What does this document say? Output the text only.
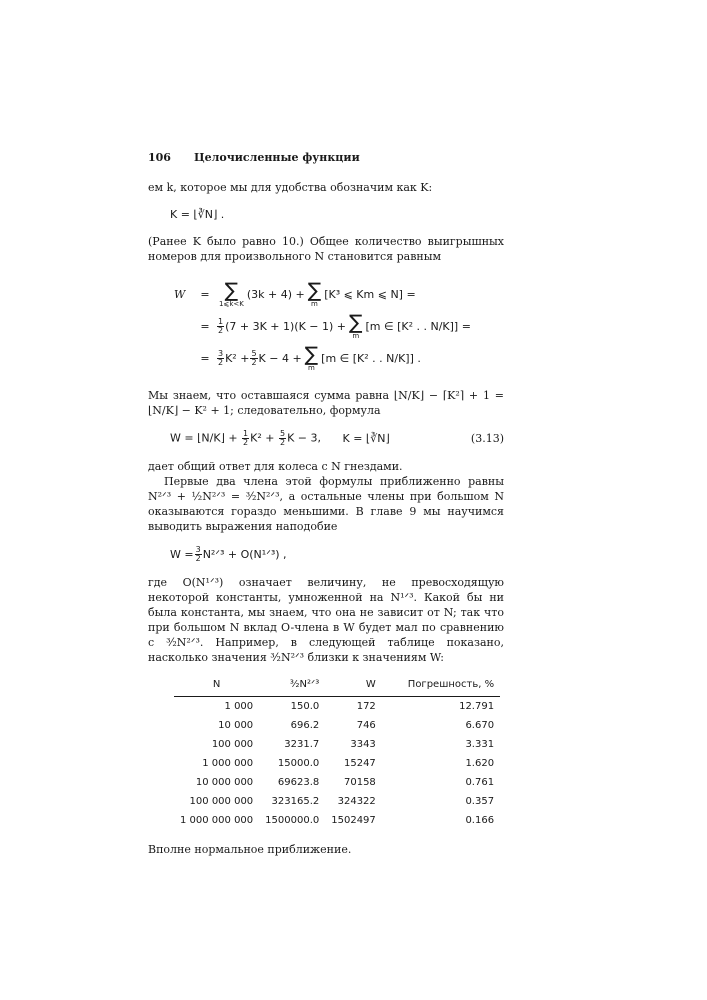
106	Целочисленные функции

ем k, которое мы для удобства обозначим как K:

K = ⌊∛N⌋ .

(Ранее K было равно 10.) Общее количество выигрышных номеров для произвольного N становится равным

W	= ∑
1⩽k<K
(3k + 4) + ∑
m
[K³ ⩽ Km ⩽ N] =
= $\frac{1}{2} (7 + 3K + 1)(K - 1)$ + ∑
m
[m ∈ [K² . . N/K]] =
= $\frac{3}{2} K^2 + \frac{5}{2}$ K − 4 + ∑
m
[m ∈ [K² . . N/K]] .

Мы знаем, что оставшаяся сумма равна ⌊N/K⌋ − ⌈K²⌉ + 1 = ⌊N/K⌋ − K² + 1; следовательно, формула

W = ⌊N/K⌋ + $\frac{1}{2} K^2 + \frac{5}{2}$ K − 3, K = ⌊∛N⌋	(3.13)

дает общий ответ для колеса с N гнездами.

Первые два члена этой формулы приближенно равны N²ᐟ³ + ½N²ᐟ³ = ³⁄₂N²ᐟ³, а остальные члены при большом N оказываются гораздо меньшими. В главе 9 мы научимся выводить выражения наподобие

$W = \frac{3}{2}$ N²ᐟ³ + O(N¹ᐟ³) ,

где O(N¹ᐟ³) означает величину, не превосходящую некоторой константы, умноженной на N¹ᐟ³. Какой бы ни была константа, мы знаем, что она не зависит от N; так что при большом N вклад O-члена в W будет мал по сравнению с ³⁄₂N²ᐟ³. Например, в следующей таблице показано, насколько значения ³⁄₂N²ᐟ³ близки к значениям W:

N	³⁄₂N²ᐟ³	W	Погрешность, %
1 000	150.0	172	12.791
10 000	696.2	746	6.670
100 000	3231.7	3343	3.331
1 000 000	15000.0	15247	1.620
10 000 000	69623.8	70158	0.761
100 000 000	323165.2	324322	0.357
1 000 000 000	1500000.0	1502497	0.166

Вполне нормальное приближение.
